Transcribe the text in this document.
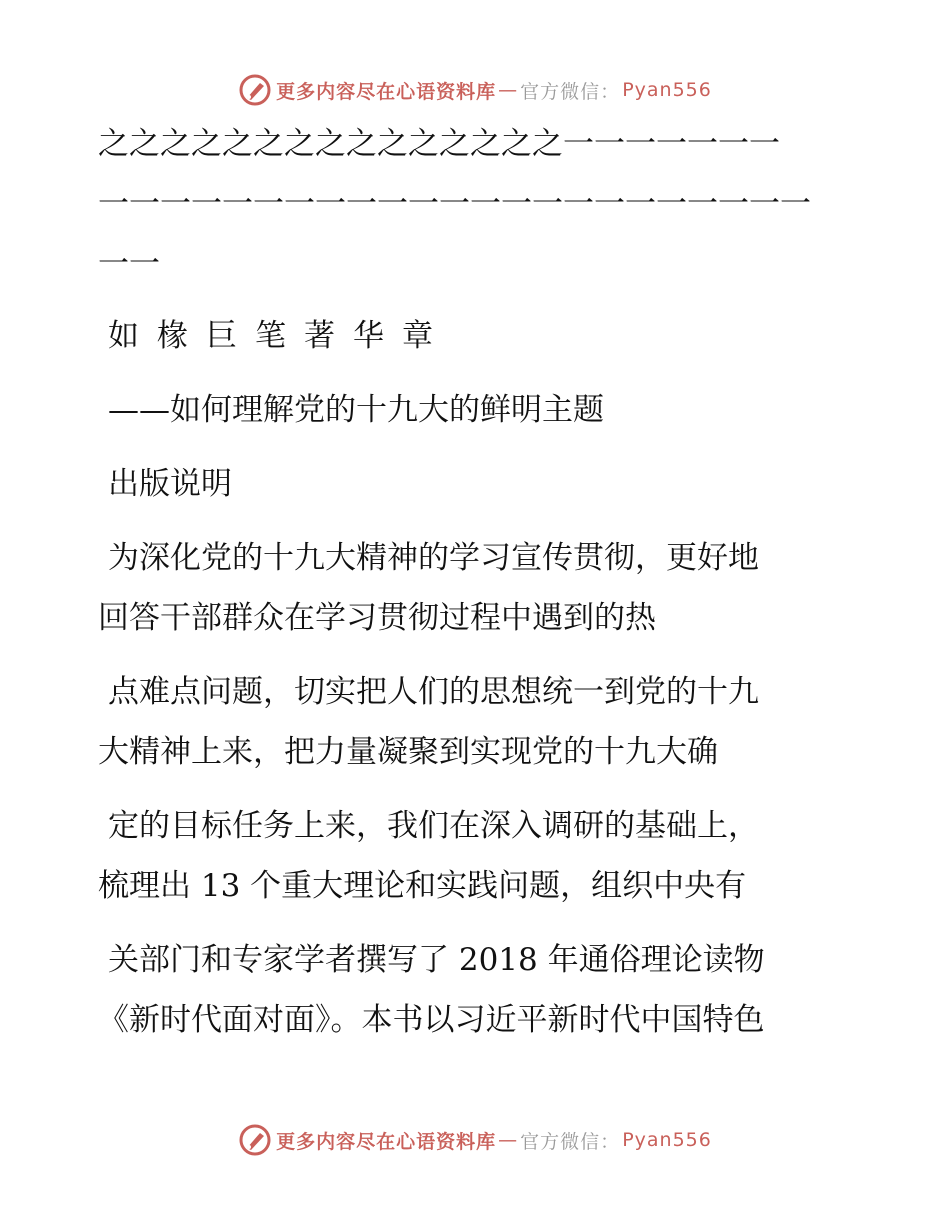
更多内容尽在心语资料库 — 官方微信： Pyan556
之之之之之之之之之之之之之之之一一一一一一一
一一一一一一一一一一一一一一一一一一一一一一一
一一
如椽巨笔著华章
——如何理解党的十九大的鲜明主题
出版说明
为深化党的十九大精神的学习宣传贯彻，更好地
回答干部群众在学习贯彻过程中遇到的热
点难点问题，切实把人们的思想统一到党的十九
大精神上来，把力量凝聚到实现党的十九大确
定的目标任务上来，我们在深入调研的基础上，
梳理出 13 个重大理论和实践问题，组织中央有
关部门和专家学者撰写了 2018 年通俗理论读物
《新时代面对面》。本书以习近平新时代中国特色
更多内容尽在心语资料库 — 官方微信： Pyan556
